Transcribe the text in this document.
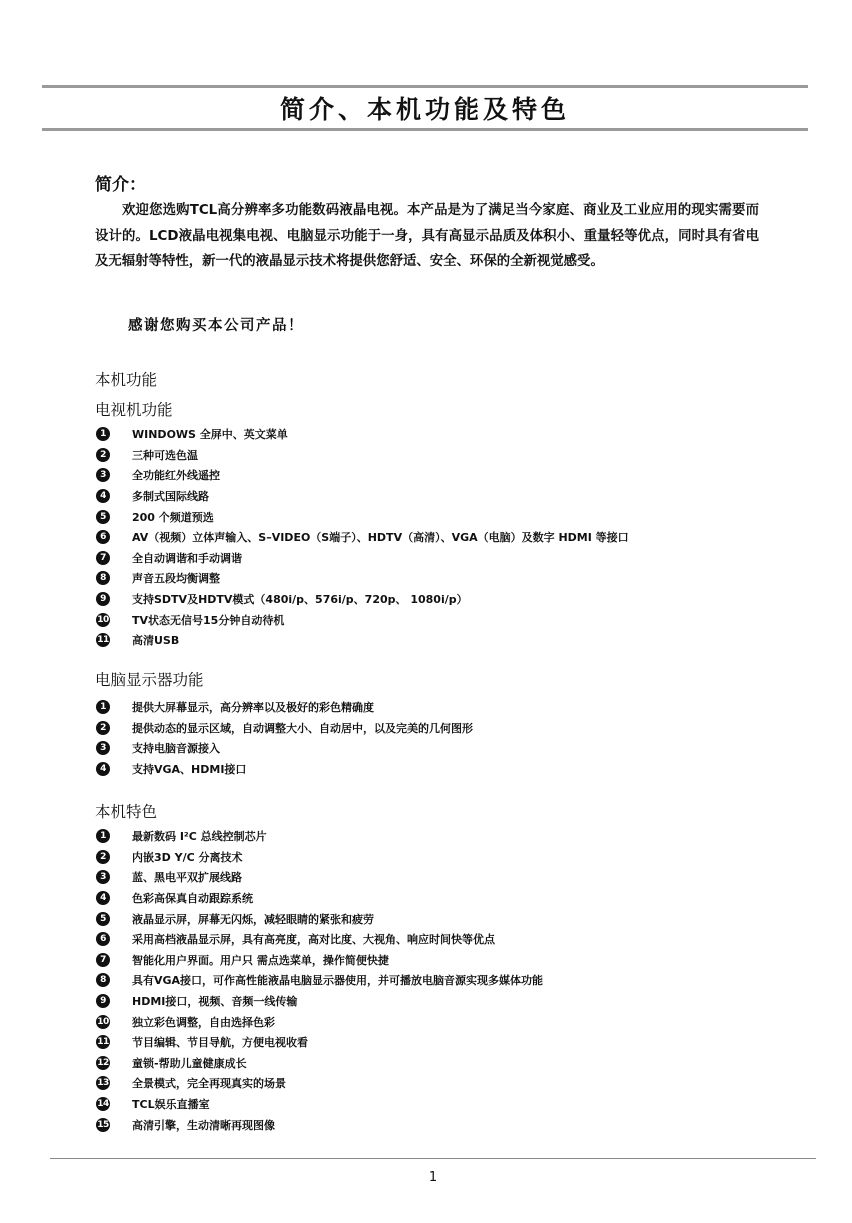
简介、本机功能及特色
简介：

欢迎您选购TCL高分辨率多功能数码液晶电视。本产品是为了满足当今家庭、商业及工业应用的现实需要而设计的。LCD液晶电视集电视、电脑显示功能于一身，具有高显示品质及体积小、重量轻等优点，同时具有省电及无辐射等特性，新一代的液晶显示技术将提供您舒适、安全、环保的全新视觉感受。

感谢您购买本公司产品！

本机功能
电视机功能
1	WINDOWS 全屏中、英文菜单
2	三种可选色温
3	全功能红外线遥控
4	多制式国际线路
5	200 个频道预选
6	AV（视频）立体声输入、S–VIDEO（S端子）、HDTV（高清）、VGA（电脑）及数字 HDMI 等接口
7	全自动调谐和手动调谐
8	声音五段均衡调整
9	支持SDTV及HDTV模式（480i/p、576i/p、720p、 1080i/p）
10 TV状态无信号15分钟自动待机
11 高清USB
电脑显示器功能
1	提供大屏幕显示，高分辨率以及极好的彩色精确度
2	提供动态的显示区域，自动调整大小、自动居中，以及完美的几何图形
3	支持电脑音源接入
4	支持VGA、HDMI接口
本机特色
1	最新数码 I²C 总线控制芯片
2	内嵌3D Y/C 分离技术
3	蓝、黑电平双扩展线路
4	色彩高保真自动跟踪系统
5	液晶显示屏，屏幕无闪烁，减轻眼睛的紧张和疲劳
6	采用高档液晶显示屏，具有高亮度，高对比度、大视角、响应时间快等优点
7	智能化用户界面。用户只 需点选菜单，操作简便快捷
8	具有VGA接口，可作高性能液晶电脑显示器使用，并可播放电脑音源实现多媒体功能
9	HDMI接口，视频、音频一线传输
10 独立彩色调整，自由选择色彩
11 节目编辑、节目导航，方便电视收看
12 童锁-帮助儿童健康成长
13 全景模式，完全再现真实的场景
14 TCL娱乐直播室
15 高清引擎，生动清晰再现图像

1
